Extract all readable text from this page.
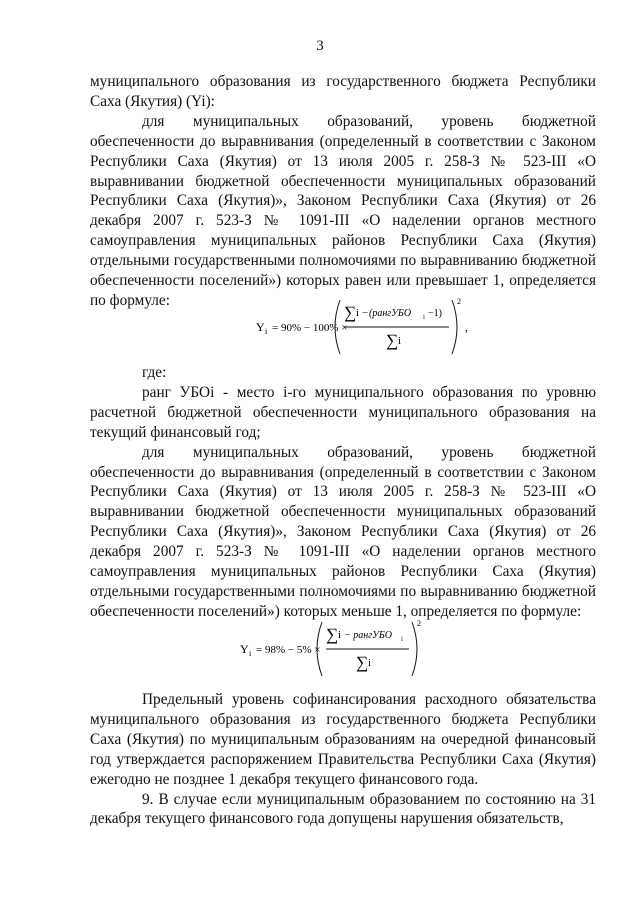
3

муниципального образования из государственного бюджета Республики Саха (Якутия) (Yi):

для муниципальных образований, уровень бюджетной обеспеченности до выравнивания (определенный в соответствии с Законом Республики Саха (Якутия) от 13 июля 2005 г. 258-З № 523-III «О выравнивании бюджетной обеспеченности муниципальных образований Республики Саха (Якутия)», Законом Республики Саха (Якутия) от 26 декабря 2007 г. 523-З № 1091-III «О наделении органов местного самоуправления муниципальных районов Республики Саха (Якутия) отдельными государственными полномочиями по выравниванию бюджетной обеспеченности поселений») которых равен или превышает 1, определяется по формуле:

Y i = 90% − 100% ×
∑ i − (рангУБО i −1)
∑ i
2
,

где:

ранг УБОi - место i-го муниципального образования по уровню расчетной бюджетной обеспеченности муниципального образования на текущий финансовый год;

для муниципальных образований, уровень бюджетной обеспеченности до выравнивания (определенный в соответствии с Законом Республики Саха (Якутия) от 13 июля 2005 г. 258-З № 523-III «О выравнивании бюджетной обеспеченности муниципальных образований Республики Саха (Якутия)», Законом Республики Саха (Якутия) от 26 декабря 2007 г. 523-З № 1091-III «О наделении органов местного самоуправления муниципальных районов Республики Саха (Якутия) отдельными государственными полномочиями по выравниванию бюджетной обеспеченности поселений») которых меньше 1, определяется по формуле:

Y i = 98% − 5% ×
∑ i − рангУБО i
∑ i
2

Предельный уровень софинансирования расходного обязательства муниципального образования из государственного бюджета Республики Саха (Якутия) по муниципальным образованиям на очередной финансовый год утверждается распоряжением Правительства Республики Саха (Якутия) ежегодно не позднее 1 декабря текущего финансового года.

9. В случае если муниципальным образованием по состоянию на 31 декабря текущего финансового года допущены нарушения обязательств,
